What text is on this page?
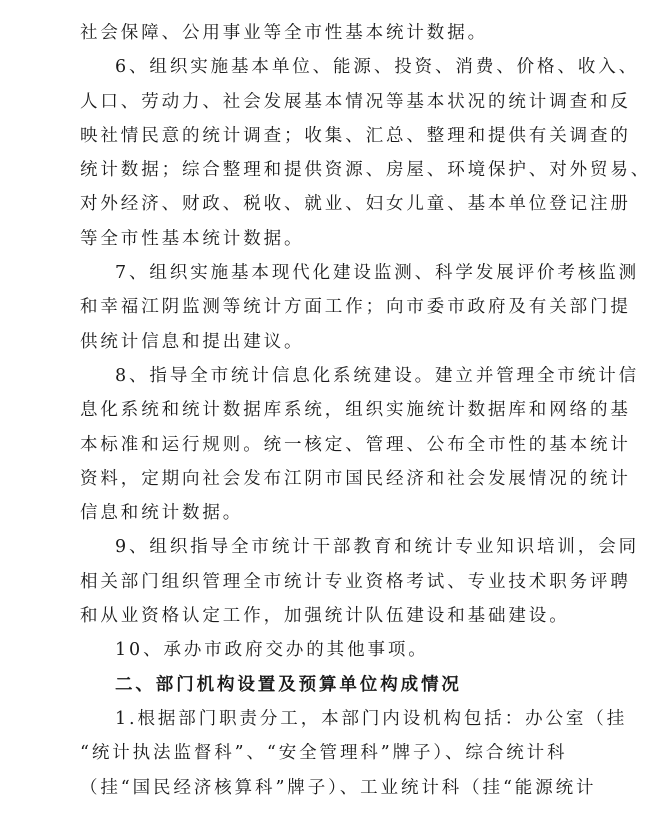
社会保障、公用事业等全市性基本统计数据。
6、组织实施基本单位、能源、投资、消费、价格、收入、
人口、劳动力、社会发展基本情况等基本状况的统计调查和反
映社情民意的统计调查；收集、汇总、整理和提供有关调查的
统计数据；综合整理和提供资源、房屋、环境保护、对外贸易、
对外经济、财政、税收、就业、妇女儿童、基本单位登记注册
等全市性基本统计数据。
7、组织实施基本现代化建设监测、科学发展评价考核监测
和幸福江阴监测等统计方面工作；向市委市政府及有关部门提
供统计信息和提出建议。
8、指导全市统计信息化系统建设。建立并管理全市统计信
息化系统和统计数据库系统，组织实施统计数据库和网络的基
本标准和运行规则。统一核定、管理、公布全市性的基本统计
资料，定期向社会发布江阴市国民经济和社会发展情况的统计
信息和统计数据。
9、组织指导全市统计干部教育和统计专业知识培训，会同
相关部门组织管理全市统计专业资格考试、专业技术职务评聘
和从业资格认定工作，加强统计队伍建设和基础建设。
10、承办市政府交办的其他事项。
二、部门机构设置及预算单位构成情况
1.根据部门职责分工，本部门内设机构包括：办公室（挂
“统计执法监督科”、“安全管理科”牌子）、综合统计科
（挂“国民经济核算科”牌子）、工业统计科（挂“能源统计
